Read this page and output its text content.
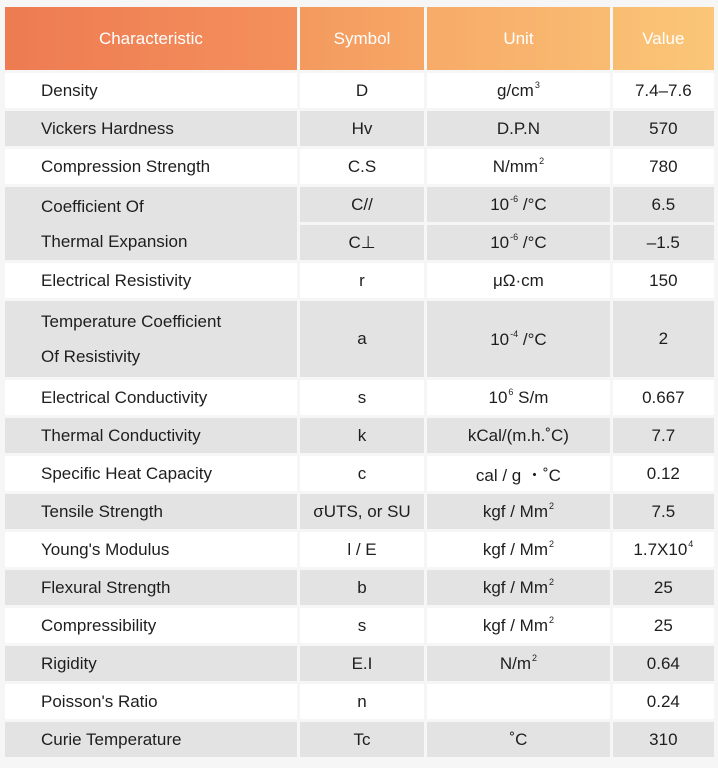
Characteristic	Symbol	Unit	Value
Density	D	$g/cm^3$	7.4–7.6
Vickers Hardness	Hv	D.P.N	570
Compression Strength	C.S	$N/mm^2$	780

Coefficient Of
Thermal Expansion	C//	$10^{-6}$ /°C	6.5
	C⊥	$10^{-6}$ /°C	–1.5
Electrical Resistivity	r	μΩ·cm	150

Temperature Coefficient
Of Resistivity	a	$10^{-4}$ /°C	2
Electrical Conductivity	s	$10^6$ S/m	0.667
Thermal Conductivity	k	kCal/(m.h.˚C)	7.7
Specific Heat Capacity	c	cal / g ・˚C	0.12
Tensile Strength	σUTS, or SU	kgf / Mm$^2$	7.5
Young's Modulus	l / E	kgf / Mm$^2$	$1.7X10^4$
Flexural Strength	b	kgf / Mm$^2$	25
Compressibility	s	kgf / Mm$^2$	25
Rigidity	E.I	$N/m^2$	0.64
Poisson's Ratio	n		0.24
Curie Temperature	Tc	˚C	310
